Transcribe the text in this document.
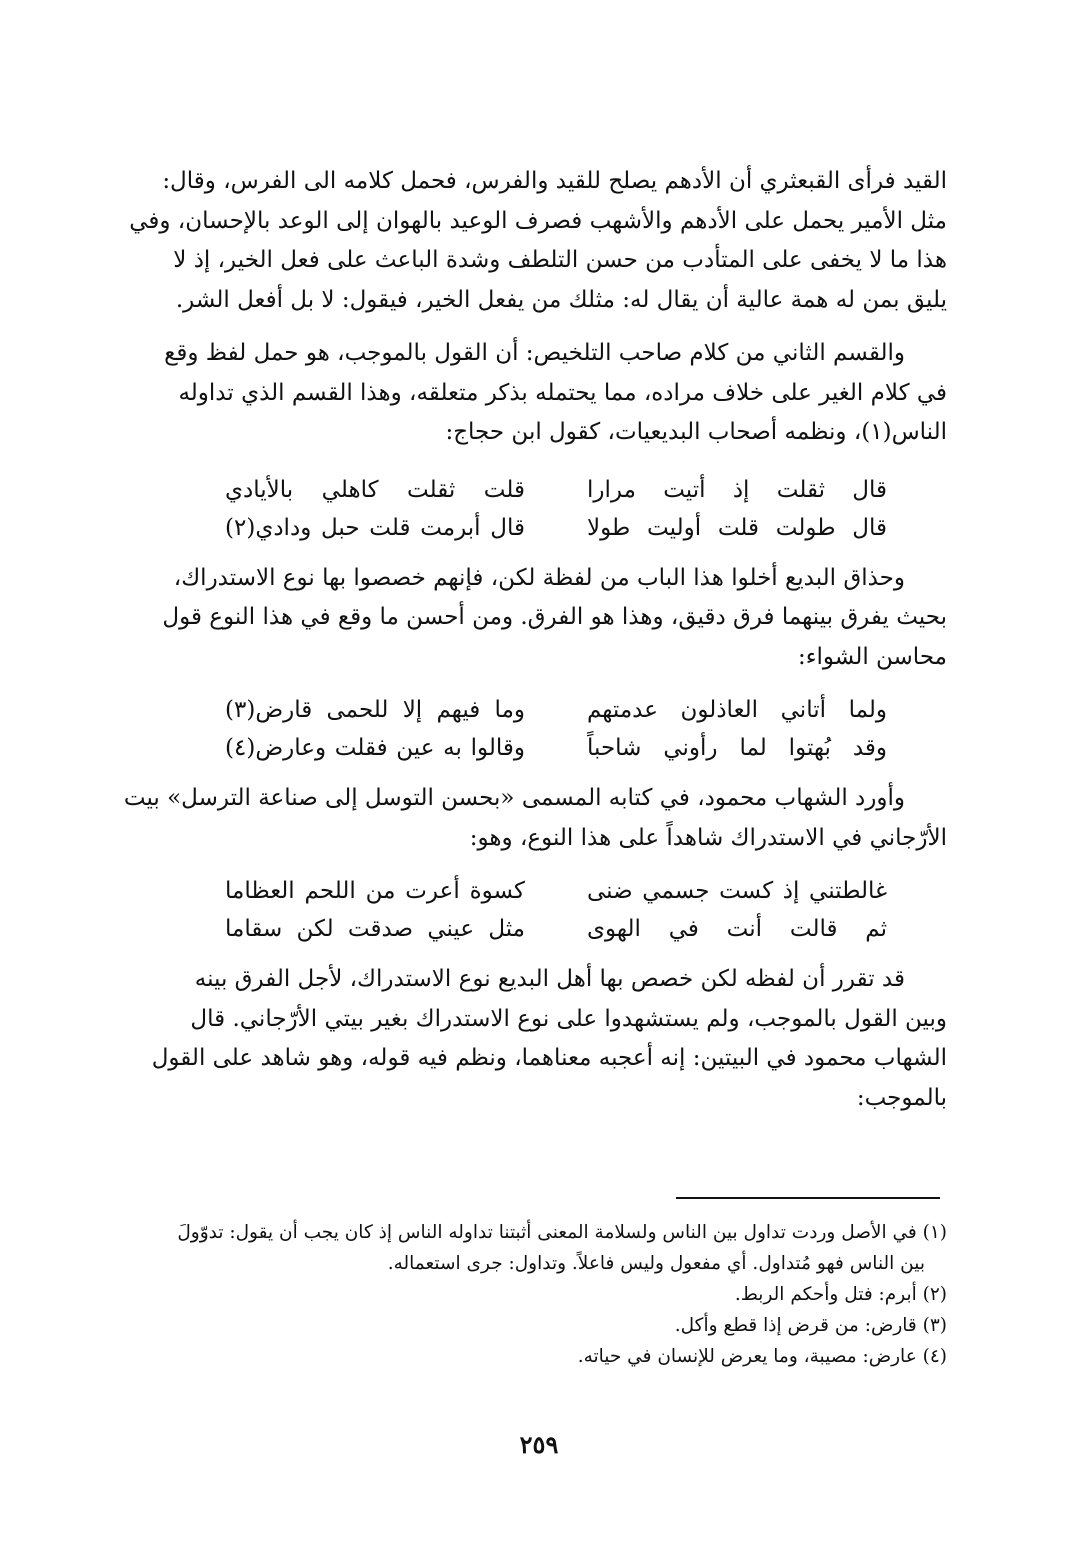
القيد فرأى القبعثري أن الأدهم يصلح للقيد والفرس، فحمل كلامه الى الفرس، وقال:

مثل الأمير يحمل على الأدهم والأشهب فصرف الوعيد بالهوان إلى الوعد بالإحسان، وفي

هذا ما لا يخفى على المتأدب من حسن التلطف وشدة الباعث على فعل الخير، إذ لا

يليق بمن له همة عالية أن يقال له: مثلك من يفعل الخير، فيقول: لا بل أفعل الشر.

والقسم الثاني من كلام صاحب التلخيص: أن القول بالموجب، هو حمل لفظ وقع

في كلام الغير على خلاف مراده، مما يحتمله بذكر متعلقه، وهذا القسم الذي تداوله

الناس(١)، ونظمه أصحاب البديعيات، كقول ابن حجاج:

قال ثقلت إذ أتيت مرارا
قلت ثقلت كاهلي بالأيادي
قال طولت قلت أوليت طولا
قال أبرمت قلت حبل ودادي(٢)

وحذاق البديع أخلوا هذا الباب من لفظة لكن، فإنهم خصصوا بها نوع الاستدراك،

بحيث يفرق بينهما فرق دقيق، وهذا هو الفرق. ومن أحسن ما وقع في هذا النوع قول

محاسن الشواء:

ولما أتاني العاذلون عدمتهم
وما فيهم إلا للحمى قارض(٣)
وقد بُهتوا لما رأوني شاحباً
وقالوا به عين فقلت وعارض(٤)

وأورد الشهاب محمود، في كتابه المسمى «بحسن التوسل إلى صناعة الترسل» بيت

الأرّجاني في الاستدراك شاهداً على هذا النوع، وهو:

غالطتني إذ كست جسمي ضنى
كسوة أعرت من اللحم العظاما
ثم قالت أنت في الهوى
مثل عيني صدقت لكن سقاما

قد تقرر أن لفظه لكن خصص بها أهل البديع نوع الاستدراك، لأجل الفرق بينه

وبين القول بالموجب، ولم يستشهدوا على نوع الاستدراك بغير بيتي الأرّجاني. قال

الشهاب محمود في البيتين: إنه أعجبه معناهما، ونظم فيه قوله، وهو شاهد على القول

بالموجب:

(١) في الأصل وردت تداول بين الناس ولسلامة المعنى أثبتنا تداوله الناس إذ كان يجب أن يقول: تدوّولَ

بين الناس فهو مُتداول. أي مفعول وليس فاعلاً. وتداول: جرى استعماله.

(٢) أبرم: فتل وأحكم الربط.

(٣) قارض: من قرض إذا قطع وأكل.

(٤) عارض: مصيبة، وما يعرض للإنسان في حياته.

٢٥٩
